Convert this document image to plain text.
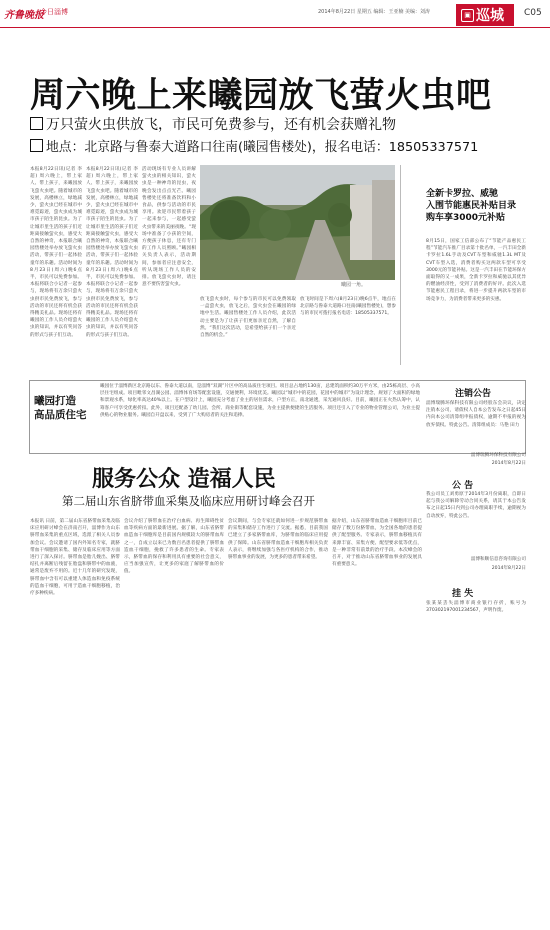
齐鲁晚报
今日淄博	2014年8月22日 星期五 编辑：王亚楠 美编：刘涛	▣ 巡城 C05
周六晚上来曦园放飞萤火虫吧
万只萤火虫供放飞，市民可免费参与，还有机会获赠礼物
地点：北京路与鲁泰大道路口往南(曦园售楼处)，报名电话：18505337571
本报8月22日讯(记者 李超) 周六晚上，带上家人、带上孩子，来曦园放飞萤火虫吧。随着城市的发展，高楼林立，绿地减少，萤火虫已经在城市中难觅踪迹，萤火虫成为城市孩子陌生的昆虫。为了让城市里生活的孩子们近距离接触萤火虫，感受大自然的神奇，本报联合曦园售楼处举办放飞萤火虫活动，带孩子们一起体验童年的乐趣。活动时间为8月23日(周六)晚6点半，市民可以免费参加。本报将联合小记者一起参与，现场将有万余只萤火虫供市民免费放飞，参与活动的市民还将有机会获得精美礼品。现场还将有曦园的工作人员介绍萤火虫的知识，并以有奖问答的形式与孩子们互动。
本报8月22日讯(记者 李超) 周六晚上，带上家人、带上孩子，来曦园放飞萤火虫吧。随着城市的发展，高楼林立，绿地减少，萤火虫已经在城市中难觅踪迹，萤火虫成为城市孩子陌生的昆虫。为了让城市里生活的孩子们近距离接触萤火虫，感受大自然的神奇，本报联合曦园售楼处举办放飞萤火虫活动，带孩子们一起体验童年的乐趣。活动时间为8月23日(周六)晚6点半，市民可以免费参加。本报将联合小记者一起参与，现场将有万余只萤火虫供市民免费放飞，参与活动的市民还将有机会获得精美礼品。现场还将有曦园的工作人员介绍萤火虫的知识，并以有奖问答的形式与孩子们互动。
活动现场有专业人员讲解萤火虫的相关知识，萤火虫是一种神奇的昆虫，夜晚会发出点点光芒。曦园售楼处还将准备饮料和小食品，供参与活动的市民享用。欢迎市民带着孩子一起来参与，一起感受萤火虫带来的美丽夜晚。“现场中准备了小孩的空间，方便孩子休息，还有专门的工作人员照顾。”曦园相关负责人表示，活动期间，参加者应注意安全，听从现场工作人员的安排。放飞萤火虫时，请注意不要伤害萤火虫。	曦园一角。
放飞萤火虫时，每个参与的市民可以免费领取一盒萤火虫，放飞之后，萤火虫会在曦园的绿地中生活。曦园售楼处工作人员介绍，此次活动主要是为了让孩子们更加亲近自然，了解自然。“我们这次活动，是希望给孩子们一个亲近自然的机会。”
放飞时间是下周六(8月23日)晚6点半，地点在北京路与鲁泰大道路口往南(曦园售楼处)，想参与的市民可拨打报名电话：18505337571。
全新卡罗拉、威驰
入围节能惠民补贴目录
购车享3000元补贴
8月15日，国家工信部公布了“节能产品惠民工程”节能汽车推广目录第十批名单，一汽丰田全新卡罗拉1.6L手动及CVT车型和威驰1.3L MT及CVT车型入选，消费者购买这两款车型可享受3000元的节能补贴。这是一汽丰田在节能环保方面取得的又一成果，全新卡罗拉和威驰以其优异的燃油经济性，受到了消费者的好评。此次入选节能惠民工程目录，将进一步提升两款车型的市场竞争力，为消费者带来更多的实惠。
曦园打造
高品质住宅
曦园位于淄博新区北京路以东、鲁泰大道以南，是淄博“双湖”片区中的高品质住宅项目。项目总占地约130亩，总建筑面积约30万平方米，由25栋高层、小高层住宅组成。项目毗邻文昌湖公园、淄博体育场等配套设施，交通便利，环境优美。曦园以“城市中的花园，花园中的城市”为设计理念，规划了大面积的绿地和景观水系，绿化率高达40%以上。在户型设计上，曦园充分考虑了业主的居住需求，户型方正，南北通透，采光通风良好。目前，曦园正在火热认筹中，认筹客户可享受优惠折扣。此外，项目还配备了幼儿园、会所、商业街等配套设施，为业主提供便捷的生活服务。项目还引入了专业的物业管理公司，为业主提供贴心的物业服务。曦园自开盘以来，受到了广大购房者的关注和追捧。
注销公告
淄博瑞腾环保科技有限公司经股东会决议，决定注销本公司，请债权人自本公告发布之日起45日内向本公司清算组申报债权，逾期不申报的视为放弃债权。特此公告。清算组成员：马艳 田力
淄博瑞腾环保科技有限公司
2014年8月22日
服务公众 造福人民
第二届山东省脐带血采集及临床应用研讨峰会召开
本报讯 日前，第二届山东省脐带血采集及临床应用研讨峰会在济南召开，淄博作为山东脐带血采集的重点区域，选派了相关人员参加会议。会议邀请了国内外知名专家，就脐带血干细胞的采集、储存及临床应用等方面进行了深入探讨。脐带血是胎儿娩出、脐带结扎并离断后残留在胎盘和脐带中的血液，通常是废弃不用的。近十几年的研究发现，脐带血中含有可以重建人体造血和免疫系统的造血干细胞，可用于造血干细胞移植，治疗多种疾病。
会议介绍了脐带血在治疗白血病、再生障碍性贫血等疾病方面的最新进展。据了解，山东省脐带血造血干细胞库是目前国内规模较大的脐带血库之一，自成立以来已为数百名患者提供了脐带血造血干细胞，挽救了许多患者的生命。专家表示，脐带血的保存和利用具有重要的社会意义，应当加强宣传，让更多的家庭了解脐带血的价值。
会议期间，与会专家还就如何进一步规范脐带血的采集和储存工作进行了交流。据悉，目前我国已建立了多家脐带血库，为脐带血的临床应用提供了保障。山东省脐带血造血干细胞库相关负责人表示，将继续加强与各医疗机构的合作，推动脐带血事业的发展，为更多的患者带来希望。
据介绍，山东省脐带血造血干细胞库目前已储存了数万份脐带血，为全国各地的患者提供了配型服务。专家表示，脐带血移植具有来源丰富、采集方便、配型要求低等优点，是一种非常有前景的治疗手段。本次峰会的召开，对于推动山东省脐带血事业的发展具有重要意义。
公 告
我公司员工刘勇原于2014年3月份离职，自即日起与我公司解除劳动合同关系，请其于本公告发布之日起15日内到公司办理离职手续，逾期视为自动放弃，特此公告。
淄博和顺信息咨询有限公司
2014年8月22日
挂 失
张某某丢失淄博市商业银行存折，账号为370302197001234567，声明作废。
